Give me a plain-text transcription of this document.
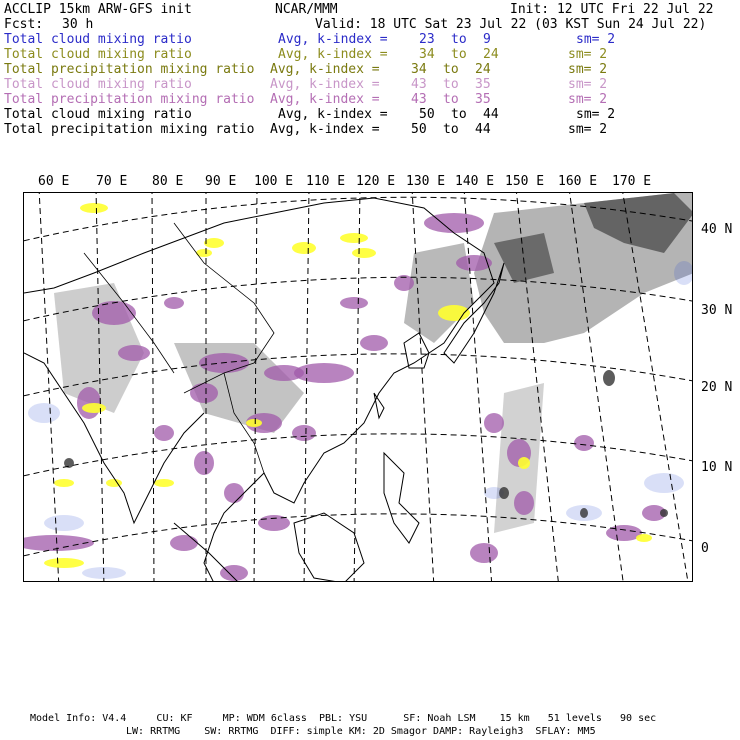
ACCLIP 15km ARW-GFS init	NCAR/MMM	Init: 12 UTC Fri 22 Jul 22
Fcst: 30 h	Valid: 18 UTC Sat 23 Jul 22 (03 KST Sun 24 Jul 22)
Total cloud mixing ratio	Avg, k-index = 23 to 9	sm= 2
Total cloud mixing ratio	Avg, k-index = 34 to 24	sm= 2
Total precipitation mixing ratio Avg, k-index = 34 to 24	sm= 2
Total cloud mixing ratio	Avg, k-index = 43 to 35	sm= 2
Total precipitation mixing ratio Avg, k-index = 43 to 35	sm= 2
Total cloud mixing ratio	Avg, k-index = 50 to 44	sm= 2
Total precipitation mixing ratio Avg, k-index = 50 to 44	sm= 2
60 E 70 E 80 E 90 E 100 E 110 E 120 E 130 E 140 E 150 E 160 E 170 E
40 N
30 N
20 N
10 N
0
Model Info: V4.4     CU: KF     MP: WDM 6class  PBL: YSU      SF: Noah LSM    15 km   51 levels   90 sec
LW: RRTMG    SW: RRTMG  DIFF: simple KM: 2D Smagor DAMP: Rayleigh3  SFLAY: MM5
